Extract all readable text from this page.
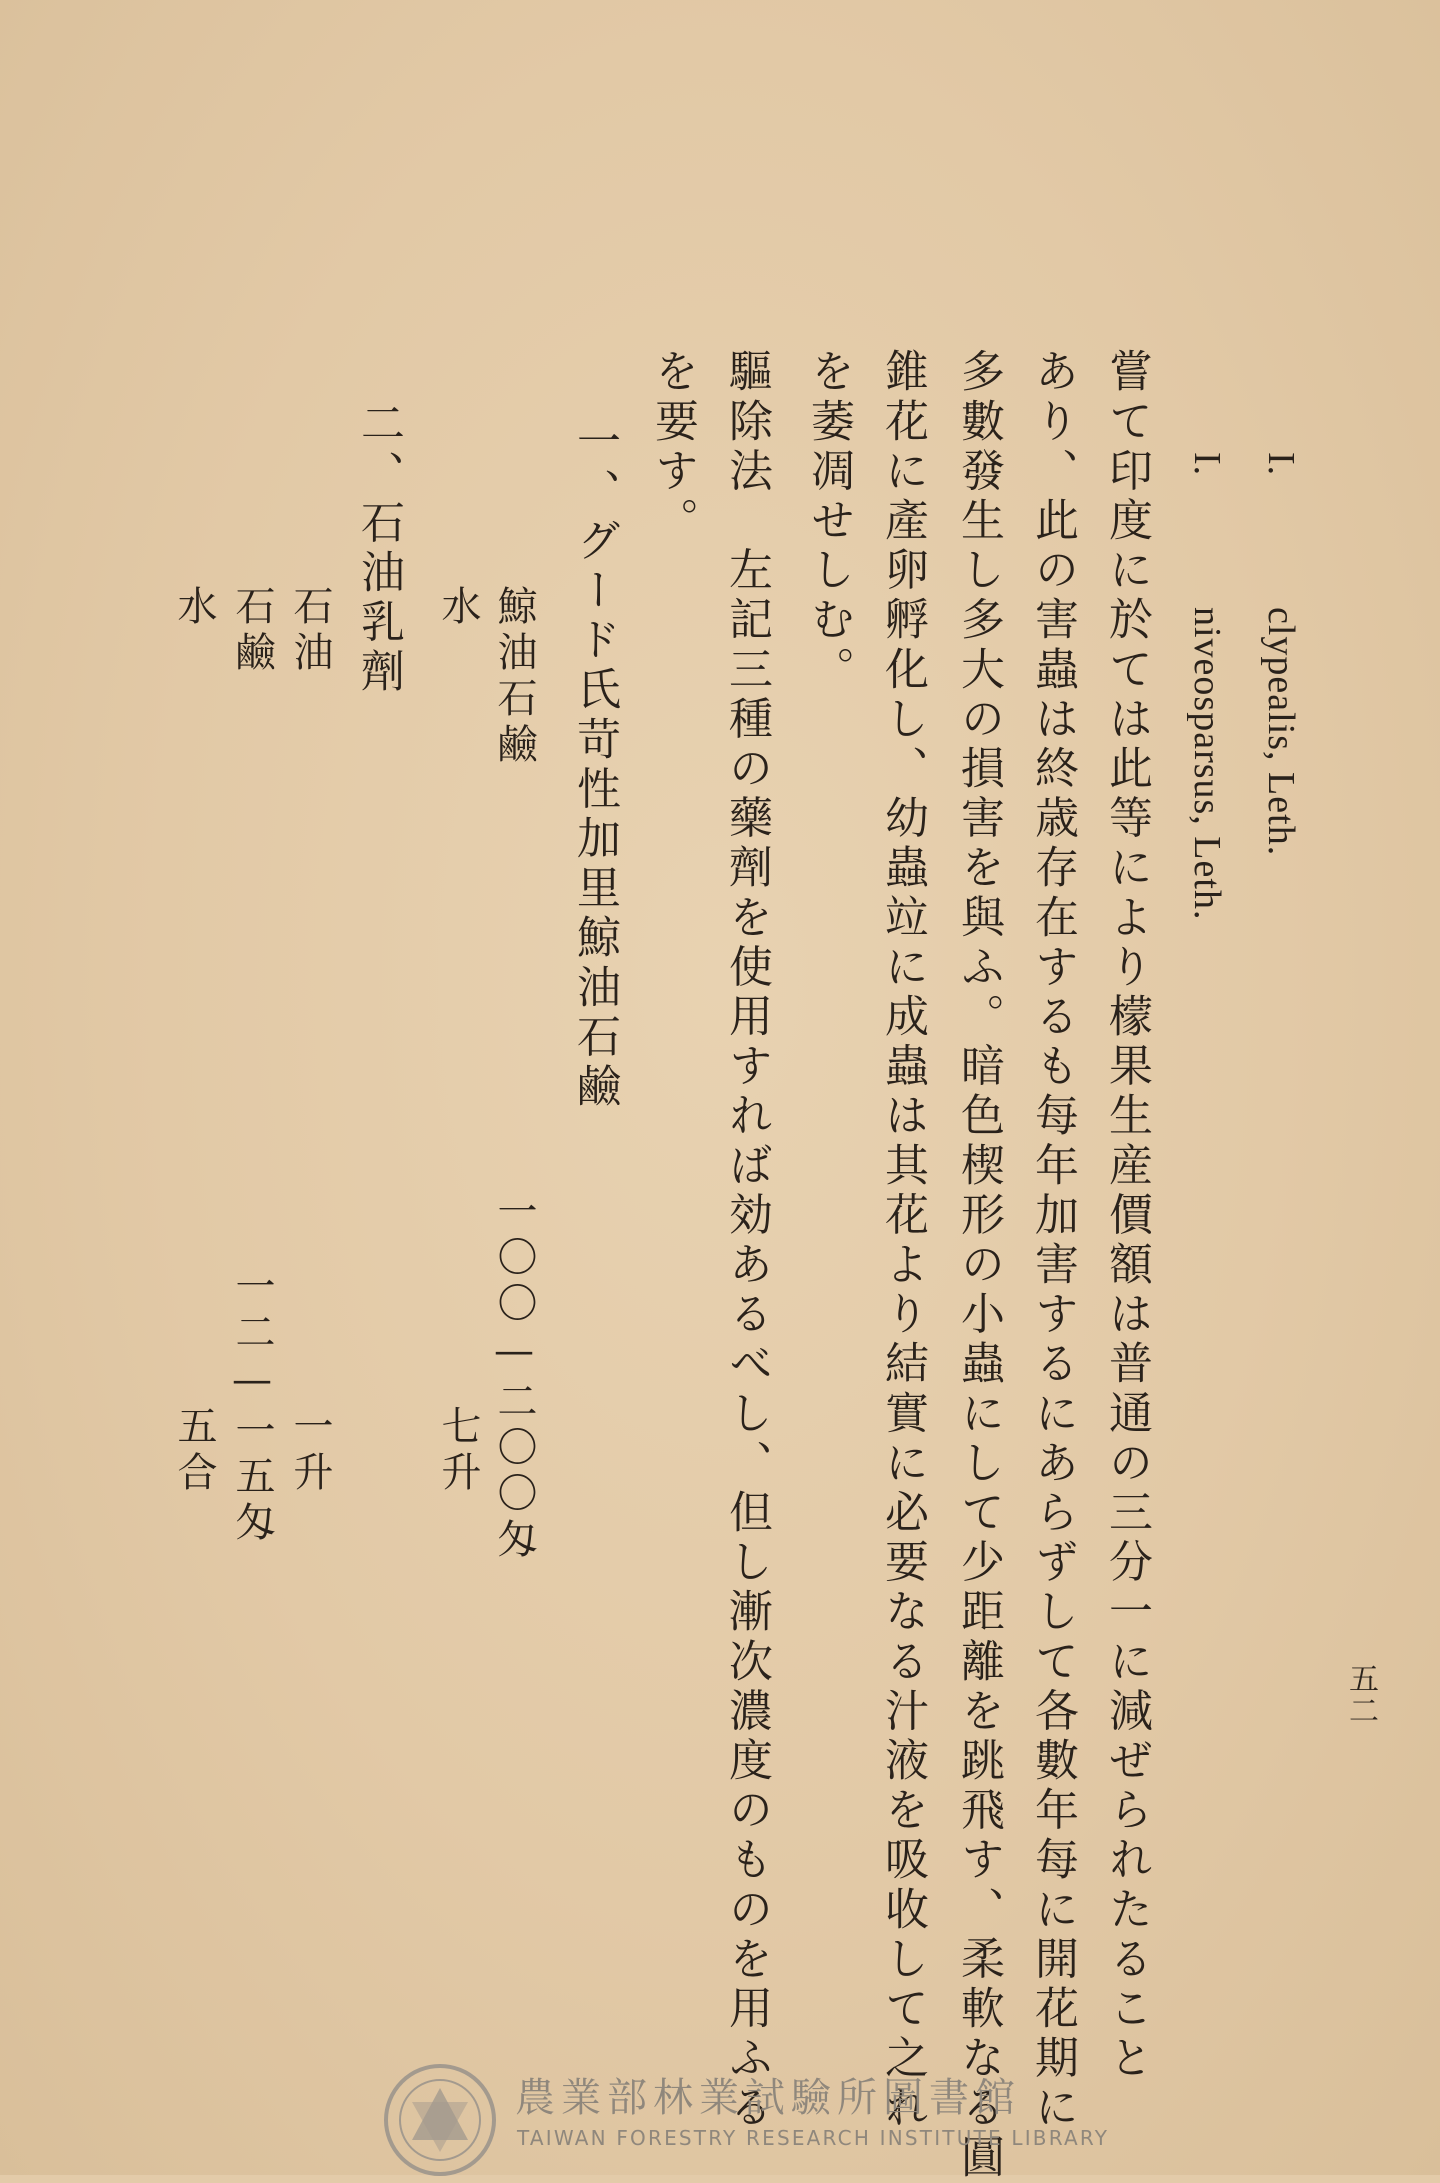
五二
I. clypealis, Leth.
I. niveosparsus, Leth.
嘗て印度に於ては此等により檬果生産價額は普通の三分一に減ぜられたること
あり、此の害蟲は終歳存在するも每年加害するにあらずして各數年每に開花期に
多數發生し多大の損害を與ふ。暗色楔形の小蟲にして少距離を跳飛す、柔軟なる圓
錐花に產卵孵化し、幼蟲竝に成蟲は其花より結實に必要なる汁液を吸收して之れ
を萎凋せしむ。
驅除法　左記三種の藥劑を使用すれば効あるべし、但し漸次濃度のものを用ふる
を要す。
一、グード氏苛性加里鯨油石鹼
鯨油石鹼
一〇〇—二〇〇匁
水
七升
二、石油乳劑
石油
一升
石鹼
一二—一五匁
水
五合
農業部林業試驗所圖書館
TAIWAN FORESTRY RESEARCH INSTITUTE LIBRARY
